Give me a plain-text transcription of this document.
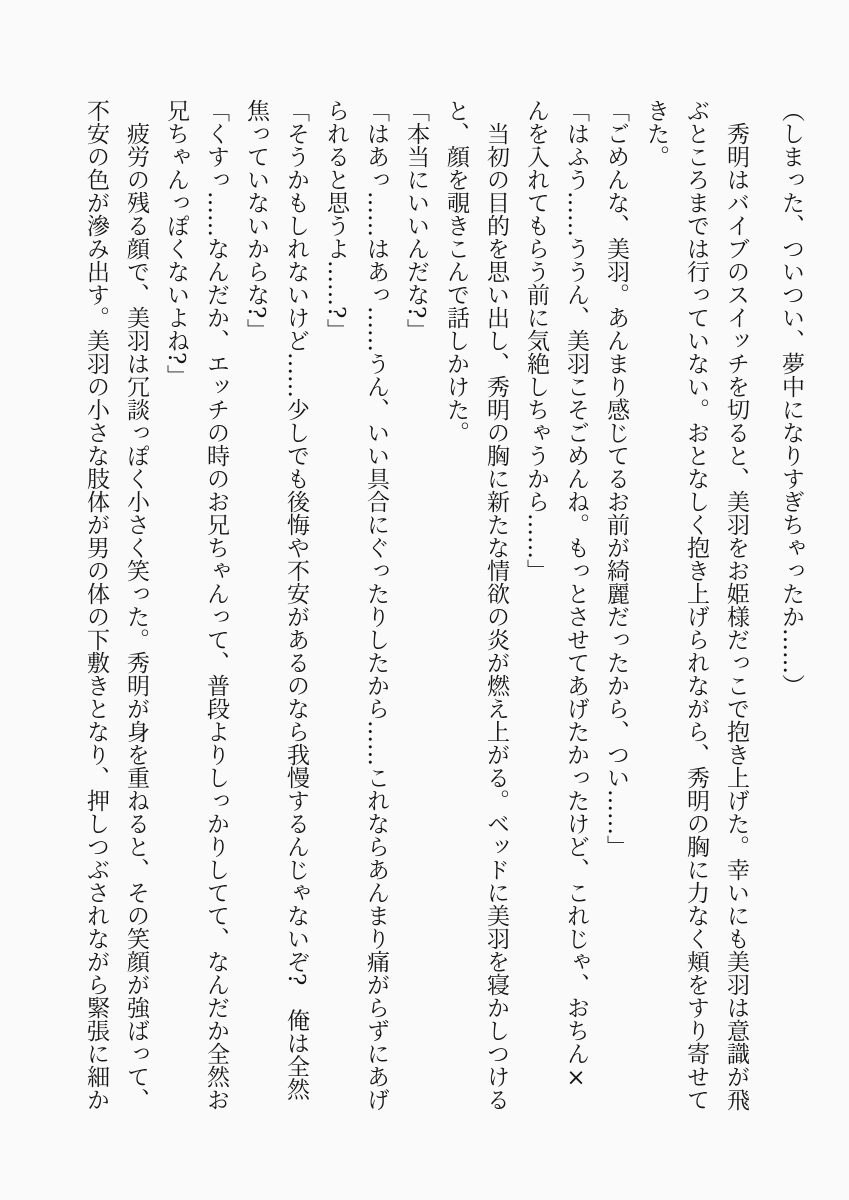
（しまった、ついつい、夢中になりすぎちゃったか……）

秀明はバイブのスイッチを切ると、美羽をお姫様だっこで抱き上げた。幸いにも美羽は意識が飛ぶところまでは行っていない。おとなしく抱き上げられながら、秀明の胸に力なく頬をすり寄せてきた。

「ごめんな、美羽。あんまり感じてるお前が綺麗だったから、つい……」

「はふう……ううん、美羽こそごめんね。もっとさせてあげたかったけど、これじゃ、おちん×んを入れてもらう前に気絶しちゃうから……」

当初の目的を思い出し、秀明の胸に新たな情欲の炎が燃え上がる。ベッドに美羽を寝かしつけると、顔を覗きこんで話しかけた。

「本当にいいんだな?」

「はあっ……はあっ……うん、いい具合にぐったりしたから……これならあんまり痛がらずにあげられると思うよ……?」

「そうかもしれないけど……少しでも後悔や不安があるのなら我慢するんじゃないぞ?　俺は全然焦っていないからな?」

「くすっ……なんだか、エッチの時のお兄ちゃんって、普段よりしっかりしてて、なんだか全然お兄ちゃんっぽくないよね?」

疲労の残る顔で、美羽は冗談っぽく小さく笑った。秀明が身を重ねると、その笑顔が強ばって、不安の色が滲み出す。美羽の小さな肢体が男の体の下敷きとなり、押しつぶされながら緊張に細か
